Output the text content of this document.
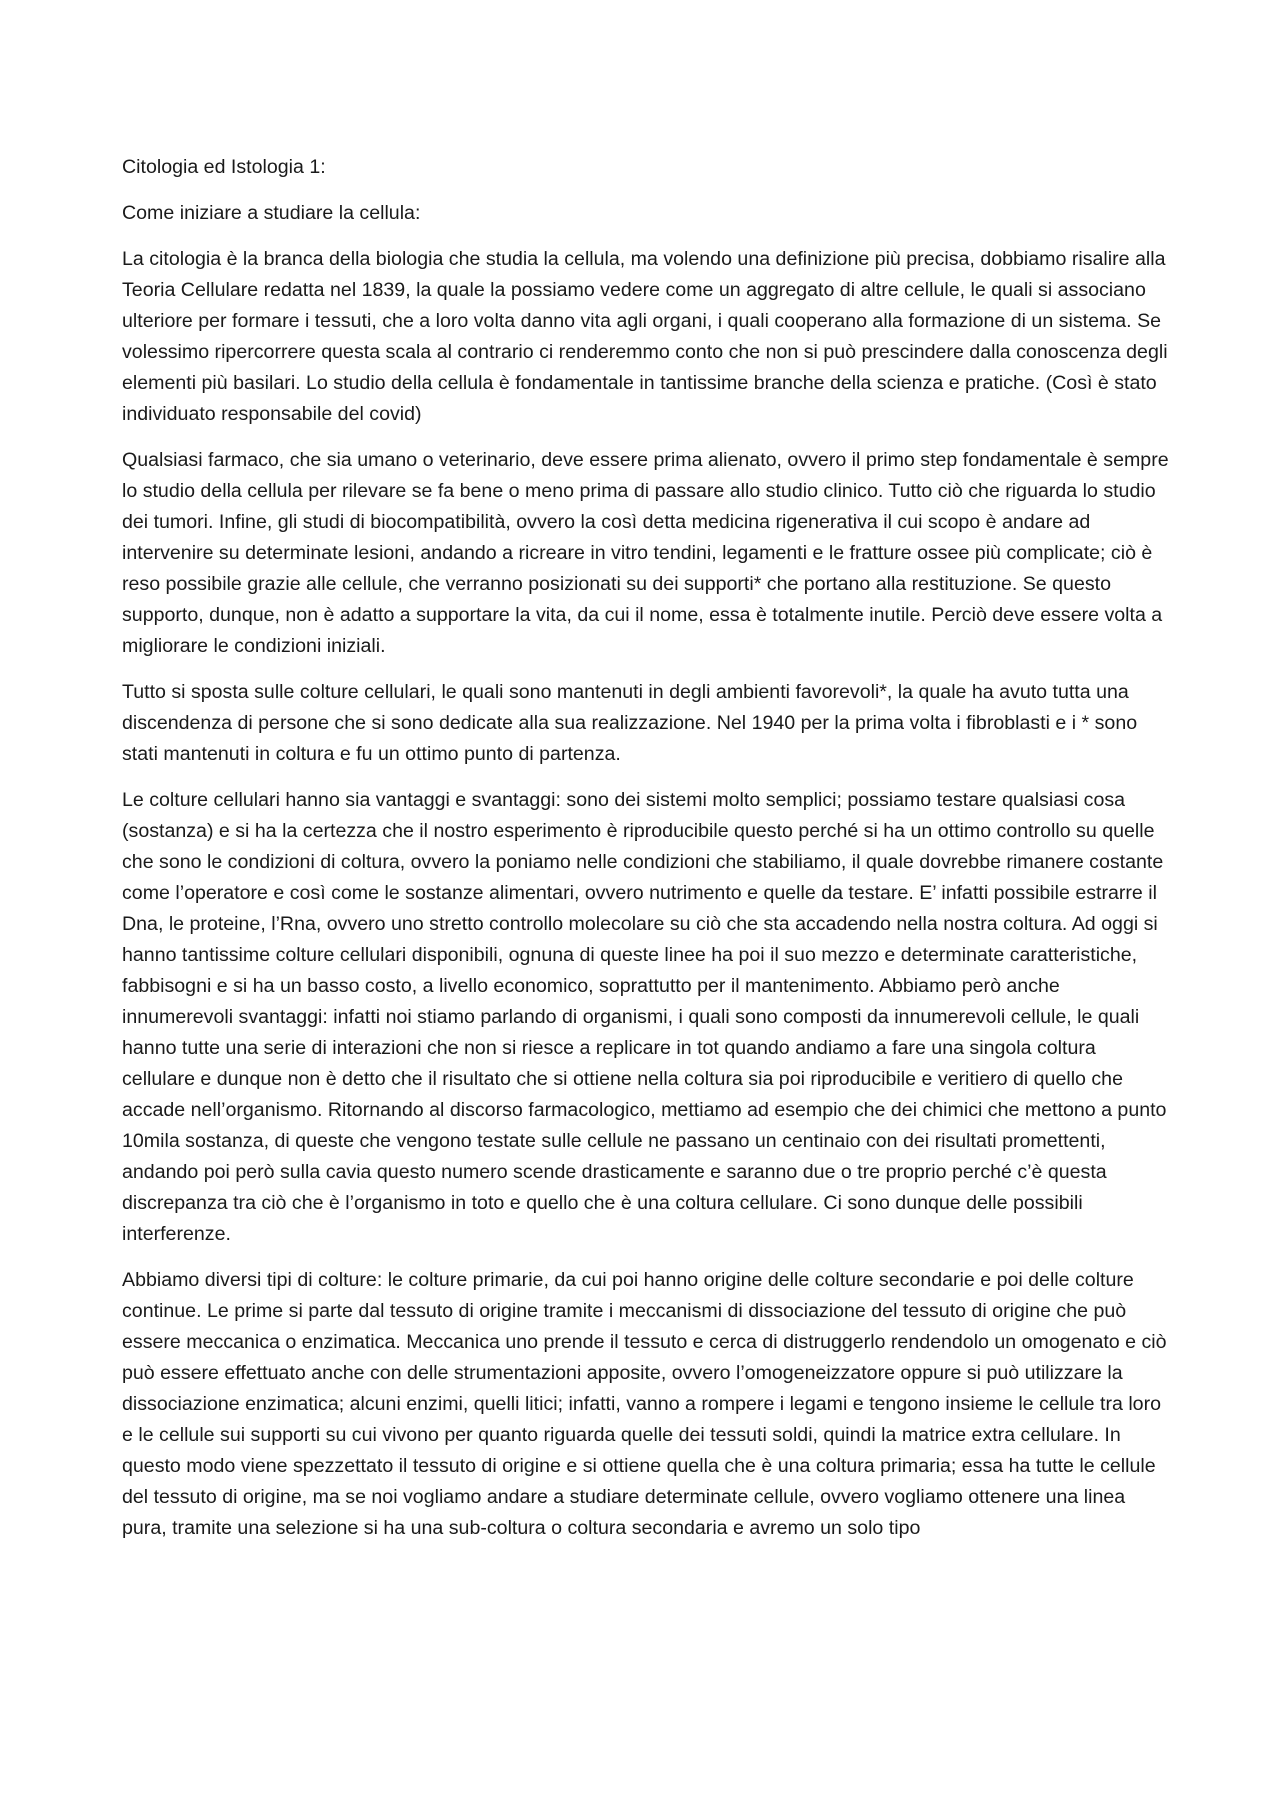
Citologia ed Istologia 1:

Come iniziare a studiare la cellula:

La citologia è la branca della biologia che studia la cellula, ma volendo una definizione più precisa, dobbiamo risalire alla Teoria Cellulare redatta nel 1839, la quale la possiamo vedere come un aggregato di altre cellule, le quali si associano ulteriore per formare i tessuti, che a loro volta danno vita agli organi, i quali cooperano alla formazione di un sistema. Se volessimo ripercorrere questa scala al contrario ci renderemmo conto che non si può prescindere dalla conoscenza degli elementi più basilari. Lo studio della cellula è fondamentale in tantissime branche della scienza e pratiche. (Così è stato individuato responsabile del covid)

Qualsiasi farmaco, che sia umano o veterinario, deve essere prima alienato, ovvero il primo step fondamentale è sempre lo studio della cellula per rilevare se fa bene o meno prima di passare allo studio clinico. Tutto ciò che riguarda lo studio dei tumori. Infine, gli studi di biocompatibilità, ovvero la così detta medicina rigenerativa il cui scopo è andare ad intervenire su determinate lesioni, andando a ricreare in vitro tendini, legamenti e le fratture ossee più complicate; ciò è reso possibile grazie alle cellule, che verranno posizionati su dei supporti* che portano alla restituzione. Se questo supporto, dunque, non è adatto a supportare la vita, da cui il nome, essa è totalmente inutile. Perciò deve essere volta a migliorare le condizioni iniziali.

Tutto si sposta sulle colture cellulari, le quali sono mantenuti in degli ambienti favorevoli*, la quale ha avuto tutta una discendenza di persone che si sono dedicate alla sua realizzazione. Nel 1940 per la prima volta i fibroblasti e i * sono stati mantenuti in coltura e fu un ottimo punto di partenza.

Le colture cellulari hanno sia vantaggi e svantaggi: sono dei sistemi molto semplici; possiamo testare qualsiasi cosa (sostanza) e si ha la certezza che il nostro esperimento è riproducibile questo perché si ha un ottimo controllo su quelle che sono le condizioni di coltura, ovvero la poniamo nelle condizioni che stabiliamo, il quale dovrebbe rimanere costante come l’operatore e così come le sostanze alimentari, ovvero nutrimento e quelle da testare. E’ infatti possibile estrarre il Dna, le proteine, l’Rna, ovvero uno stretto controllo molecolare su ciò che sta accadendo nella nostra coltura. Ad oggi si hanno tantissime colture cellulari disponibili, ognuna di queste linee ha poi il suo mezzo e determinate caratteristiche, fabbisogni e si ha un basso costo, a livello economico, soprattutto per il mantenimento. Abbiamo però anche innumerevoli svantaggi: infatti noi stiamo parlando di organismi, i quali sono composti da innumerevoli cellule, le quali hanno tutte una serie di interazioni che non si riesce a replicare in tot quando andiamo a fare una singola coltura cellulare e dunque non è detto che il risultato che si ottiene nella coltura sia poi riproducibile e veritiero di quello che accade nell’organismo. Ritornando al discorso farmacologico, mettiamo ad esempio che dei chimici che mettono a punto 10mila sostanza, di queste che vengono testate sulle cellule ne passano un centinaio con dei risultati promettenti, andando poi però sulla cavia questo numero scende drasticamente e saranno due o tre proprio perché c’è questa discrepanza tra ciò che è l’organismo in toto e quello che è una coltura cellulare. Ci sono dunque delle possibili interferenze.

Abbiamo diversi tipi di colture: le colture primarie, da cui poi hanno origine delle colture secondarie e poi delle colture continue. Le prime si parte dal tessuto di origine tramite i meccanismi di dissociazione del tessuto di origine che può essere meccanica o enzimatica. Meccanica uno prende il tessuto e cerca di distruggerlo rendendolo un omogenato e ciò può essere effettuato anche con delle strumentazioni apposite, ovvero l’omogeneizzatore oppure si può utilizzare la dissociazione enzimatica; alcuni enzimi, quelli litici; infatti, vanno a rompere i legami e tengono insieme le cellule tra loro e le cellule sui supporti su cui vivono per quanto riguarda quelle dei tessuti soldi, quindi la matrice extra cellulare. In questo modo viene spezzettato il tessuto di origine e si ottiene quella che è una coltura primaria; essa ha tutte le cellule del tessuto di origine, ma se noi vogliamo andare a studiare determinate cellule, ovvero vogliamo ottenere una linea pura, tramite una selezione si ha una sub-coltura o coltura secondaria e avremo un solo tipo
